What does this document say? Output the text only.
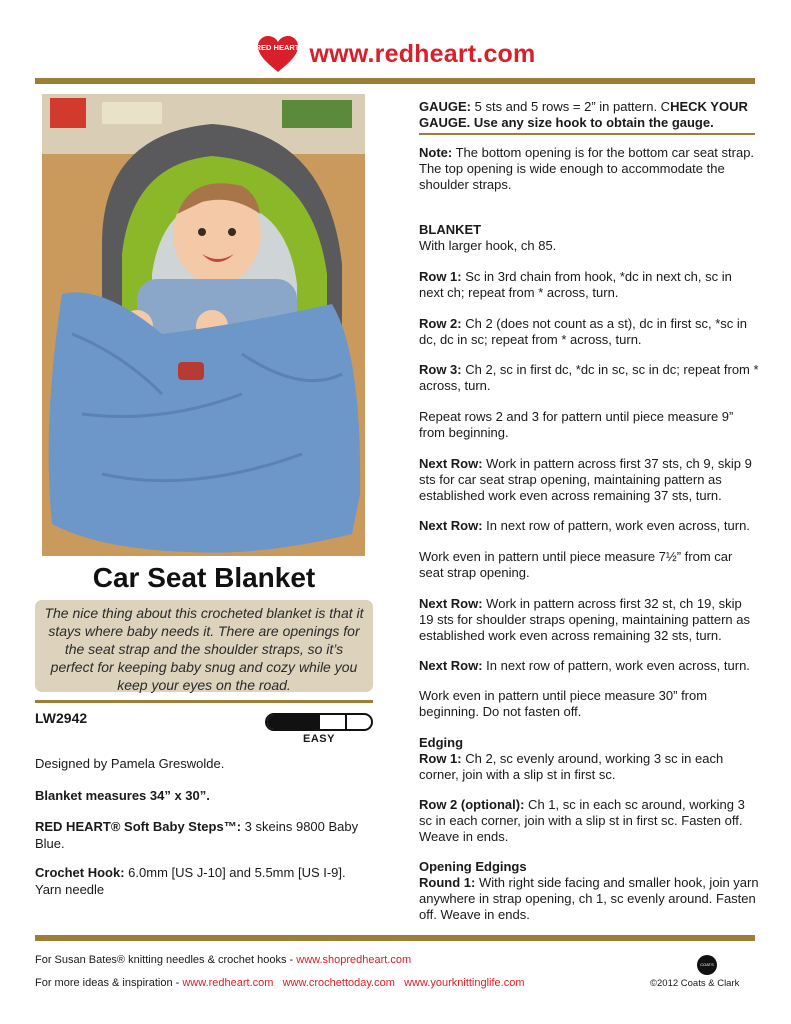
RED HEART www.redheart.com
Car Seat Blanket
The nice thing about this crocheted blanket is that it stays where baby needs it. There are openings for the seat strap and the shoulder straps, so it’s perfect for keeping baby snug and cozy while you keep your eyes on the road.
LW2942
EASY
Designed by Pamela Greswolde.
Blanket measures 34” x 30”.
RED HEART® Soft Baby Steps™: 3 skeins 9800 Baby Blue.
Crochet Hook: 6.0mm [US J-10] and 5.5mm [US I-9]. Yarn needle
GAUGE: 5 sts and 5 rows = 2” in pattern. CHECK YOUR GAUGE. Use any size hook to obtain the gauge.
Note: The bottom opening is for the bottom car seat strap. The top opening is wide enough to accommodate the shoulder straps.
BLANKET
With larger hook, ch 85.
Row 1: Sc in 3rd chain from hook, *dc in next ch, sc in next ch; repeat from * across, turn.
Row 2: Ch 2 (does not count as a st), dc in first sc, *sc in dc, dc in sc; repeat from * across, turn.
Row 3: Ch 2, sc in first dc, *dc in sc, sc in dc; repeat from * across, turn.
Repeat rows 2 and 3 for pattern until piece measure 9” from beginning.
Next Row: Work in pattern across first 37 sts, ch 9, skip 9 sts for car seat strap opening, maintaining pattern as established work even across remaining 37 sts, turn.
Next Row: In next row of pattern, work even across, turn.
Work even in pattern until piece measure 7½” from car seat strap opening.
Next Row: Work in pattern across first 32 st, ch 19, skip 19 sts for shoulder straps opening, maintaining pattern as established work even across remaining 32 sts, turn.
Next Row: In next row of pattern, work even across, turn.
Work even in pattern until piece measure 30” from beginning. Do not fasten off.
Edging
Row 1: Ch 2, sc evenly around, working 3 sc in each corner, join with a slip st in first sc.
Row 2 (optional): Ch 1, sc in each sc around, working 3 sc in each corner, join with a slip st in first sc. Fasten off. Weave in ends.
Opening Edgings
Round 1: With right side facing and smaller hook, join yarn anywhere in strap opening, ch 1, sc evenly around. Fasten off. Weave in ends.
For Susan Bates® knitting needles & crochet hooks - www.shopredheart.com
For more ideas & inspiration - www.redheart.com www.crochettoday.com www.yourknittinglife.com
COATS
©2012 Coats & Clark
